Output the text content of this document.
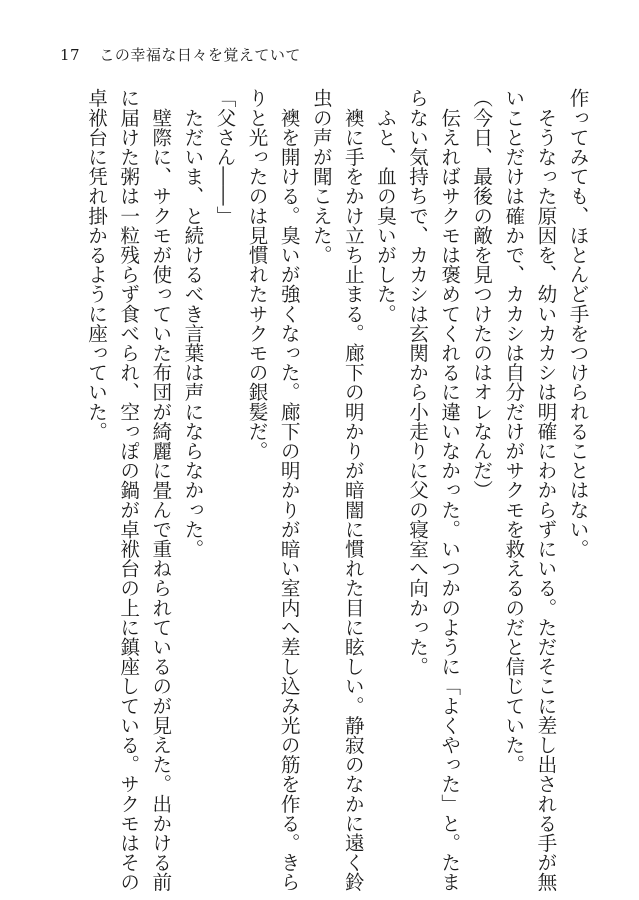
17 この幸福な日々を覚えていて

作ってみても、ほとんど手をつけられることはない。

　そうなった原因を、幼いカカシは明確にわからずにいる。ただそこに差し出される手が無

いことだけは確かで、カカシは自分だけがサクモを救えるのだと信じていた。

（今日、最後の敵を見つけたのはオレなんだ）

　伝えればサクモは褒めてくれるに違いなかった。いつかのように「よくやった」と。たま

らない気持ちで、カカシは玄関から小走りに父の寝室へ向かった。

　ふと、血の臭いがした。

　襖に手をかけ立ち止まる。廊下の明かりが暗闇に慣れた目に眩しい。静寂のなかに遠く鈴

虫の声が聞こえた。

　襖を開ける。臭いが強くなった。廊下の明かりが暗い室内へ差し込み光の筋を作る。きら

りと光ったのは見慣れたサクモの銀髪だ。

「父さん――」

　ただいま、と続けるべき言葉は声にならなかった。

　壁際に、サクモが使っていた布団が綺麗に畳んで重ねられているのが見えた。出かける前

に届けた粥は一粒残らず食べられ、空っぽの鍋が卓袱台の上に鎮座している。サクモはその

卓袱台に凭れ掛かるように座っていた。
